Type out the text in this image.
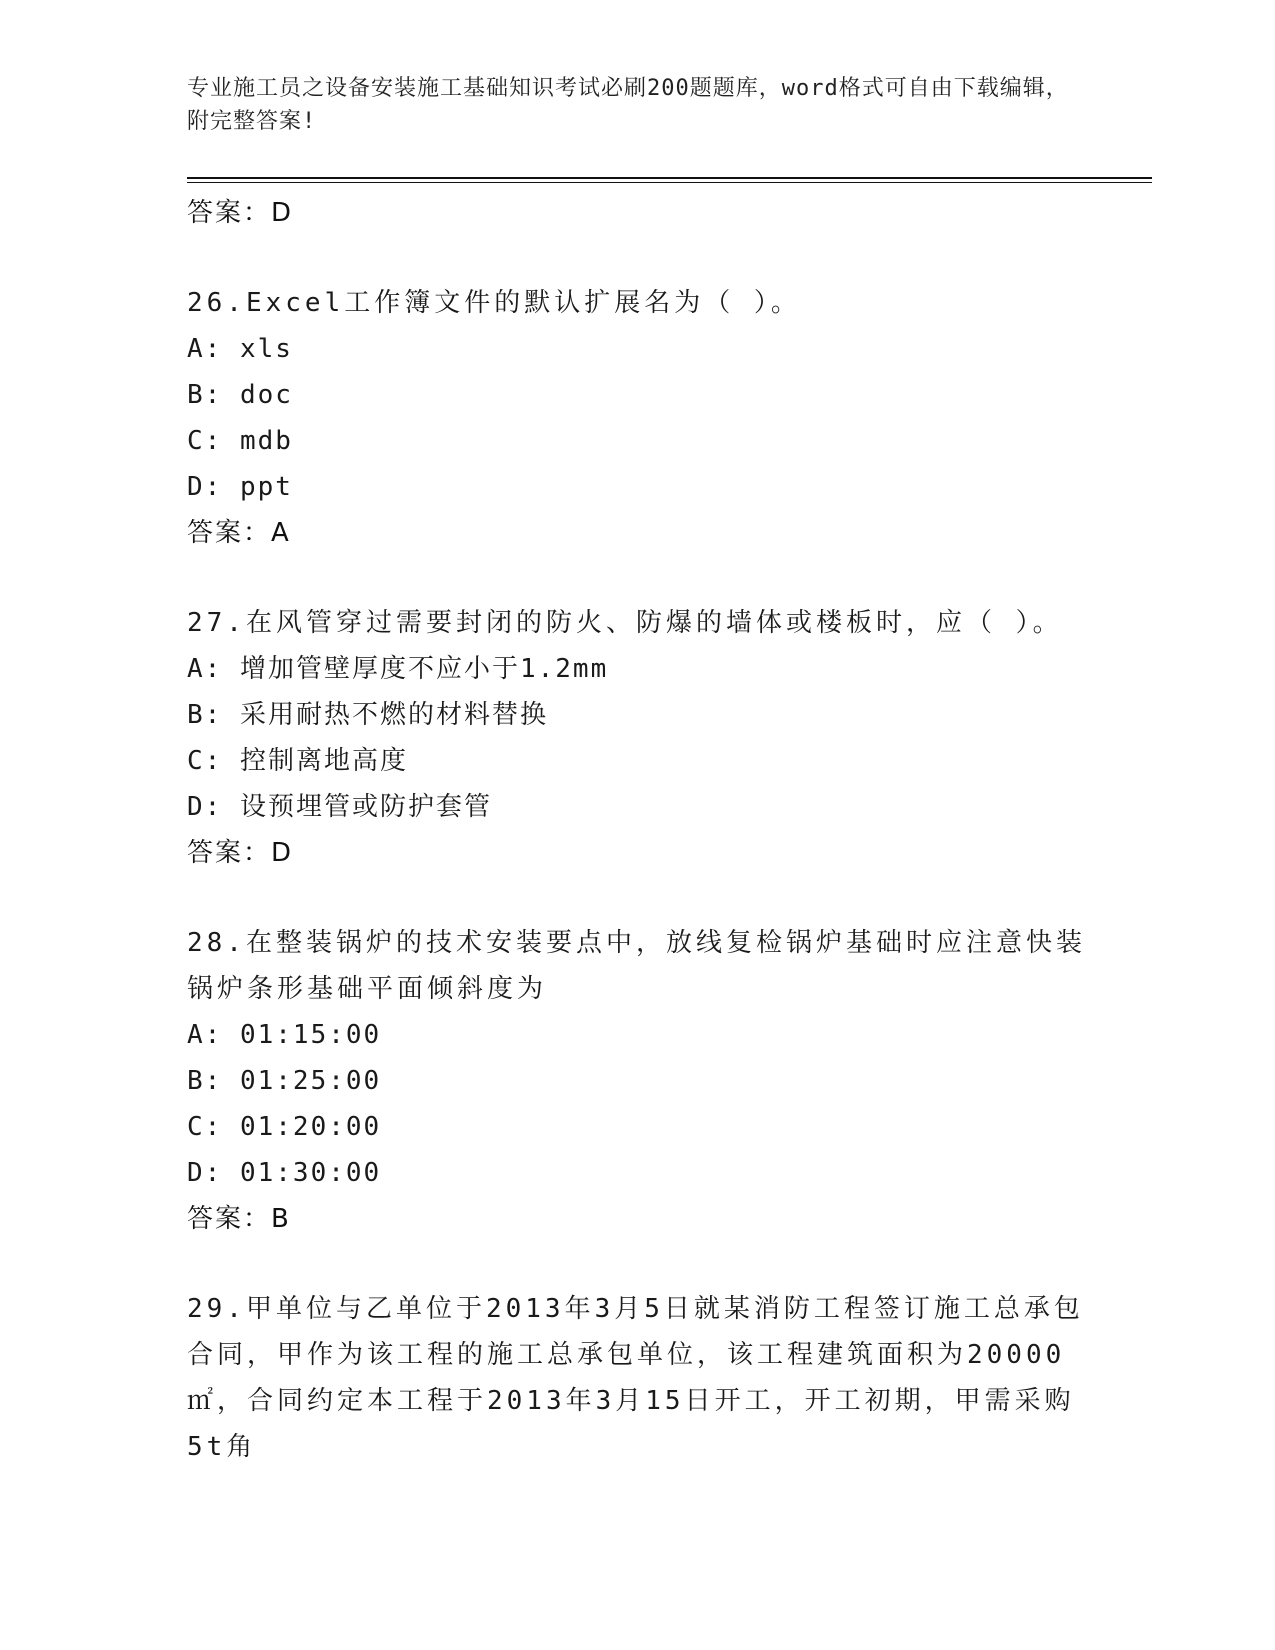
专业施工员之设备安装施工基础知识考试必刷200题题库，word格式可自由下载编辑，附完整答案!
答案：D
26.Excel工作簿文件的默认扩展名为（ ）。
A: xls
B: doc
C: mdb
D: ppt
答案：A
27.在风管穿过需要封闭的防火、防爆的墙体或楼板时，应（ ）。
A: 增加管壁厚度不应小于1.2mm
B: 采用耐热不燃的材料替换
C: 控制离地高度
D: 设预埋管或防护套管
答案：D
28.在整装锅炉的技术安装要点中，放线复检锅炉基础时应注意快装锅炉条形基础平面倾斜度为
A: 01:15:00
B: 01:25:00
C: 01:20:00
D: 01:30:00
答案：B
29.甲单位与乙单位于2013年3月5日就某消防工程签订施工总承包合同，甲作为该工程的施工总承包单位，该工程建筑面积为20000㎡，合同约定本工程于2013年3月15日开工，开工初期，甲需采购5t角
